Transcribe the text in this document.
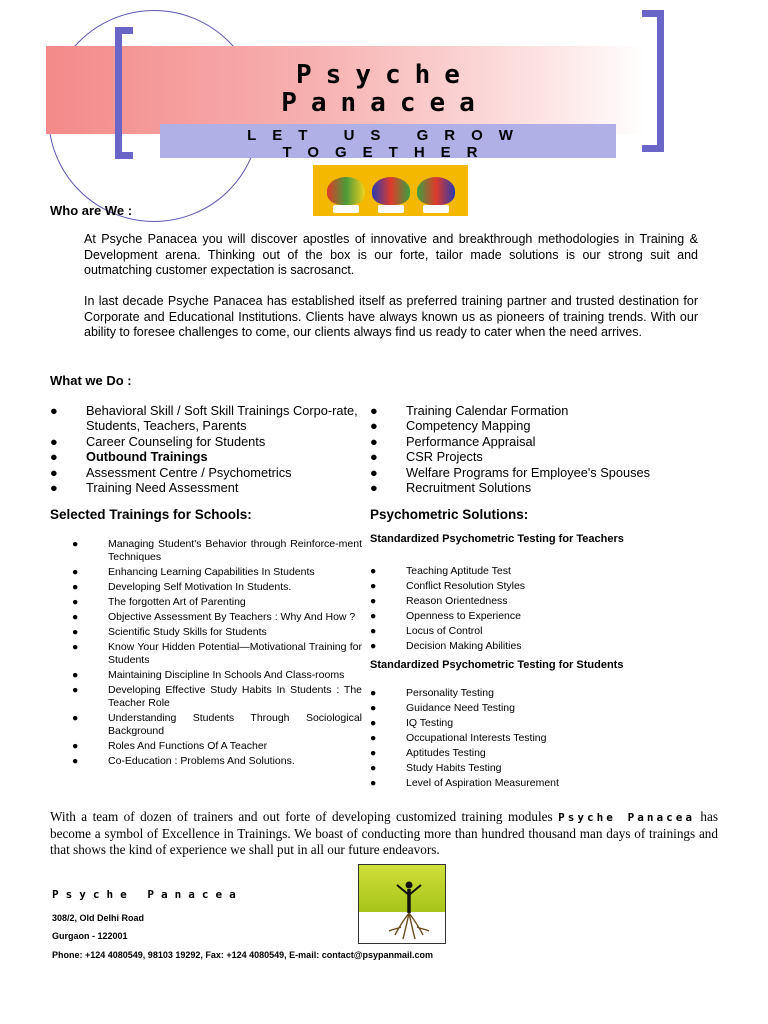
Psyche
Panacea
LET US GROW TOGETHER
Who are We :
At Psyche Panacea you will discover apostles of innovative and breakthrough methodologies in Training & Development arena. Thinking out of the box is our forte, tailor made solutions is our strong suit and outmatching customer expectation is sacrosanct.
In last decade Psyche Panacea has established itself as preferred training partner and trusted destination for Corporate and Educational Institutions. Clients have always known us as pioneers of training trends. With our ability to foresee challenges to come, our clients always find us ready to cater when the need arrives.
What we Do :
● Behavioral Skill / Soft Skill Trainings Corpo-rate, Students, Teachers, Parents
● Career Counseling for Students
● Outbound Trainings
● Assessment Centre / Psychometrics
● Training Need Assessment
● Training Calendar Formation
● Competency Mapping
● Performance Appraisal
● CSR Projects
● Welfare Programs for Employee's Spouses
● Recruitment Solutions
Selected Trainings for Schools:
●	Managing Student's Behavior through Reinforce-ment Techniques
●	Enhancing Learning Capabilities In Students
●	Developing Self Motivation In Students.
●	The forgotten Art of Parenting
●	Objective Assessment By Teachers : Why And How ?
●	Scientific Study Skills for Students
●	Know Your Hidden Potential—Motivational Training for Students
●	Maintaining Discipline In Schools And Class-rooms
●	Developing Effective Study Habits In Students : The Teacher Role
●	Understanding Students Through Sociological Background
●	Roles And Functions Of A Teacher
●	Co-Education : Problems And Solutions.
Psychometric Solutions:
Standardized Psychometric Testing for Teachers
●	Teaching Aptitude Test
●	Conflict Resolution Styles
●	Reason Orientedness
●	Openness to Experience
●	Locus of Control
●	Decision Making Abilities
Standardized Psychometric Testing for Students
●	Personality Testing
●	Guidance Need Testing
●	IQ Testing
●	Occupational Interests Testing
●	Aptitudes Testing
●	Study Habits Testing
●	Level of Aspiration Measurement
With a team of dozen of trainers and out forte of developing customized training modules Psyche Panacea has become a symbol of Excellence in Trainings. We boast of conducting more than hundred thousand man days of trainings and that shows the kind of experience we shall put in all our future endeavors.
Psyche Panacea
308/2, Old Delhi Road
Gurgaon - 122001
Phone: +124 4080549, 98103 19292, Fax: +124 4080549, E-mail: contact@psypanmail.com
